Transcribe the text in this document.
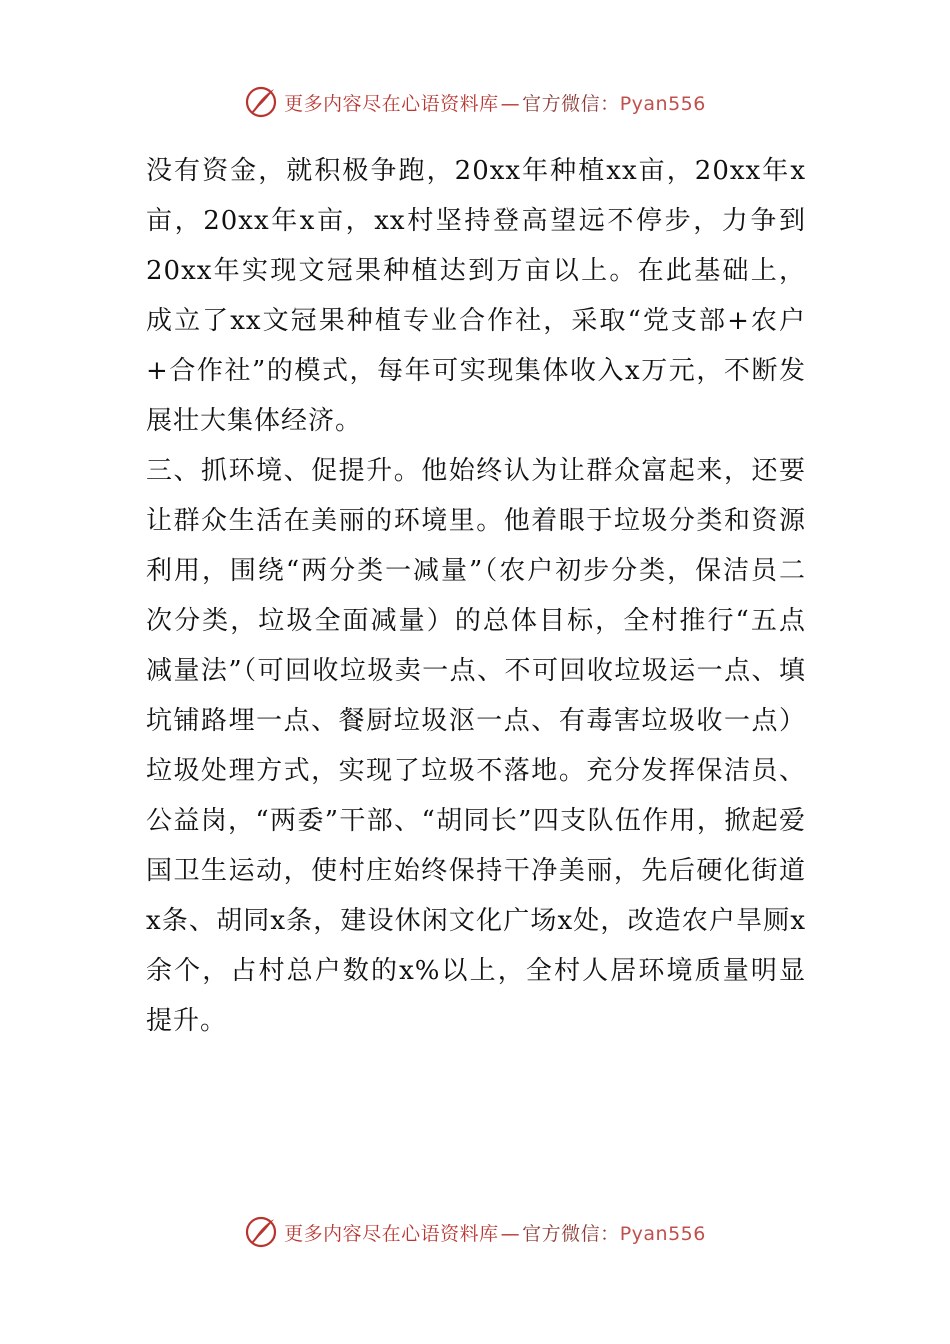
更多内容尽在心语资料库 — 官方微信：Pyan556

没有资金，就积极争跑，20xx年种植xx亩，20xx年x亩，20xx年x亩，xx村坚持登高望远不停步，力争到20xx年实现文冠果种植达到万亩以上。在此基础上，成立了xx文冠果种植专业合作社，采取“党支部+农户+合作社”的模式，每年可实现集体收入x万元，不断发展壮大集体经济。

三、抓环境、促提升。他始终认为让群众富起来，还要让群众生活在美丽的环境里。他着眼于垃圾分类和资源利用，围绕“两分类一减量”（农户初步分类，保洁员二次分类，垃圾全面减量）的总体目标，全村推行“五点减量法”（可回收垃圾卖一点、不可回收垃圾运一点、填坑铺路埋一点、餐厨垃圾沤一点、有毒害垃圾收一点）垃圾处理方式，实现了垃圾不落地。充分发挥保洁员、公益岗，“两委”干部、“胡同长”四支队伍作用，掀起爱国卫生运动，使村庄始终保持干净美丽，先后硬化街道x条、胡同x条，建设休闲文化广场x处，改造农户旱厕x余个，占村总户数的x%以上，全村人居环境质量明显提升。

更多内容尽在心语资料库 — 官方微信：Pyan556
